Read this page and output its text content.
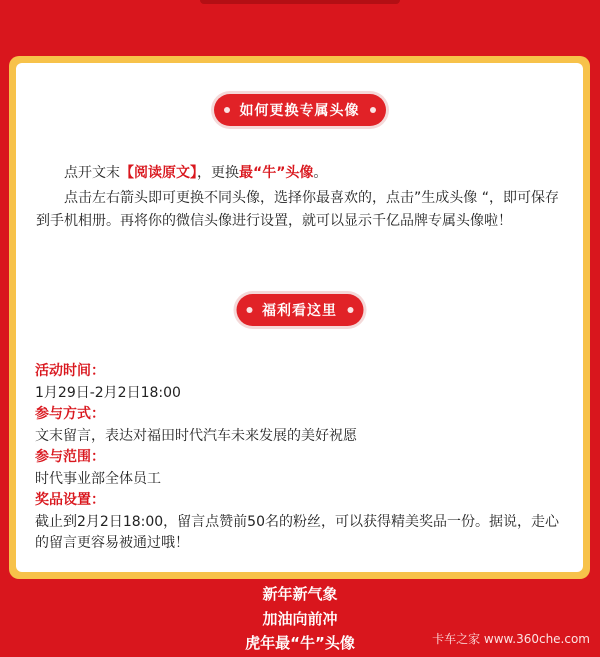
如何更换专属头像
点开文末【阅读原文】，更换最“牛”头像。
点击左右箭头即可更换不同头像，选择你最喜欢的，点击”生成头像 “，即可保存到手机相册。再将你的微信头像进行设置，就可以显示千亿品牌专属头像啦！
福利看这里
活动时间：
1月29日-2月2日18:00
参与方式：
文末留言，表达对福田时代汽车未来发展的美好祝愿
参与范围：
时代事业部全体员工
奖品设置：
截止到2月2日18:00，留言点赞前50名的粉丝，可以获得精美奖品一份。据说，走心的留言更容易被通过哦！
新年新气象
加油向前冲
虎年最“牛”头像	卡车之家 www.360che.com
